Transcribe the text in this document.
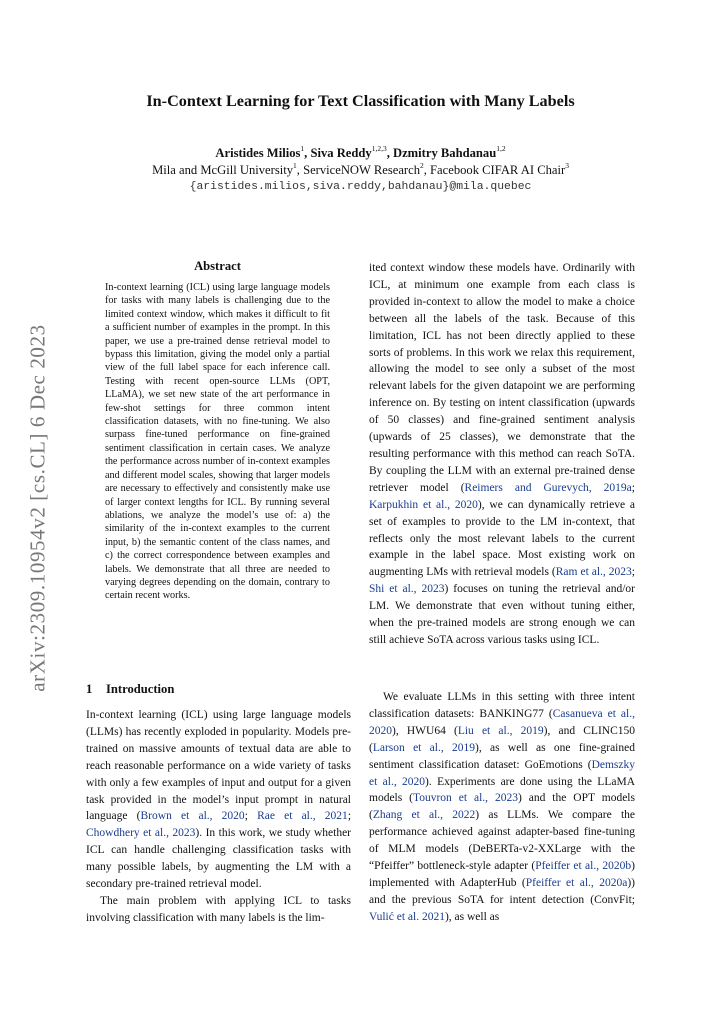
arXiv:2309.10954v2 [cs.CL] 6 Dec 2023
In-Context Learning for Text Classification with Many Labels
Aristides Milios$^1$, Siva Reddy$^{1,2,3}$, Dzmitry Bahdanau$^{1,2}$
Mila and McGill University$^1$, ServiceNOW Research$^2$, Facebook CIFAR AI Chair$^3$
{aristides.milios,siva.reddy,bahdanau}@mila.quebec
Abstract

In-context learning (ICL) using large language models for tasks with many labels is challenging due to the limited context window, which makes it difficult to fit a sufficient number of examples in the prompt. In this paper, we use a pre-trained dense retrieval model to bypass this limitation, giving the model only a partial view of the full label space for each inference call. Testing with recent open-source LLMs (OPT, LLaMA), we set new state of the art performance in few-shot settings for three common intent classification datasets, with no fine-tuning. We also surpass fine-tuned performance on fine-grained sentiment classification in certain cases. We analyze the performance across number of in-context examples and different model scales, showing that larger models are necessary to effectively and consistently make use of larger context lengths for ICL. By running several ablations, we analyze the model’s use of: a) the similarity of the in-context examples to the current input, b) the semantic content of the class names, and c) the correct correspondence between examples and labels. We demonstrate that all three are needed to varying degrees depending on the domain, contrary to certain recent works.

1 Introduction
In-context learning (ICL) using large language models (LLMs) has recently exploded in popularity. Models pre-trained on massive amounts of textual data are able to reach reasonable performance on a wide variety of tasks with only a few examples of input and output for a given task provided in the model’s input prompt in natural language (Brown et al., 2020; Rae et al., 2021; Chowdhery et al., 2023). In this work, we study whether ICL can handle challenging classification tasks with many possible labels, by augmenting the LM with a secondary pre-trained retrieval model.
The main problem with applying ICL to tasks involving classification with many labels is the lim-
ited context window these models have. Ordinarily with ICL, at minimum one example from each class is provided in-context to allow the model to make a choice between all the labels of the task. Because of this limitation, ICL has not been directly applied to these sorts of problems. In this work we relax this requirement, allowing the model to see only a subset of the most relevant labels for the given datapoint we are performing inference on. By testing on intent classification (upwards of 50 classes) and fine-grained sentiment analysis (upwards of 25 classes), we demonstrate that the resulting performance with this method can reach SoTA. By coupling the LLM with an external pre-trained dense retriever model (Reimers and Gurevych, 2019a; Karpukhin et al., 2020), we can dynamically retrieve a set of examples to provide to the LM in-context, that reflects only the most relevant labels to the current example in the label space. Most existing work on augmenting LMs with retrieval models (Ram et al., 2023; Shi et al., 2023) focuses on tuning the retrieval and/or LM. We demonstrate that even without tuning either, when the pre-trained models are strong enough we can still achieve SoTA across various tasks using ICL.

We evaluate LLMs in this setting with three intent classification datasets: BANKING77 (Casanueva et al., 2020), HWU64 (Liu et al., 2019), and CLINC150 (Larson et al., 2019), as well as one fine-grained sentiment classification dataset: GoEmotions (Demszky et al., 2020). Experiments are done using the LLaMA models (Touvron et al., 2023) and the OPT models (Zhang et al., 2022) as LLMs. We compare the performance achieved against adapter-based fine-tuning of MLM models (DeBERTa-v2-XXLarge with the “Pfeiffer” bottleneck-style adapter (Pfeiffer et al., 2020b) implemented with AdapterHub (Pfeiffer et al., 2020a)) and the previous SoTA for intent detection (ConvFit; Vulić et al. 2021), as well as
